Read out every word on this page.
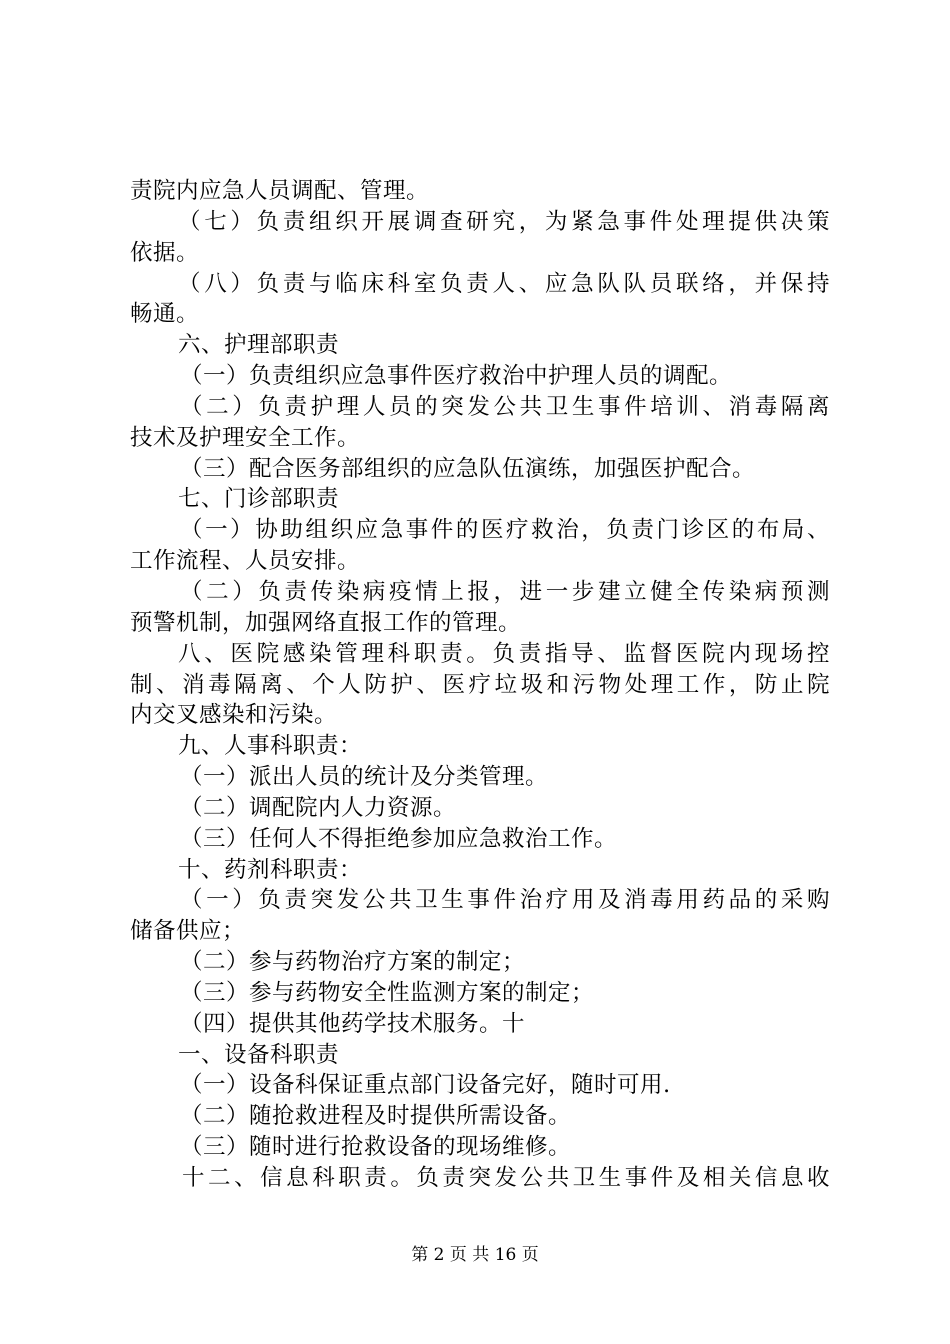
责院内应急人员调配、管理。
（七）负责组织开展调查研究，为紧急事件处理提供决策
依据。
（八）负责与临床科室负责人、应急队队员联络，并保持
畅通。
六、护理部职责
（一）负责组织应急事件医疗救治中护理人员的调配。
（二）负责护理人员的突发公共卫生事件培训、消毒隔离
技术及护理安全工作。
（三）配合医务部组织的应急队伍演练，加强医护配合。
七、门诊部职责
（一）协助组织应急事件的医疗救治，负责门诊区的布局、
工作流程、人员安排。
（二）负责传染病疫情上报，进一步建立健全传染病预测
预警机制，加强网络直报工作的管理。
八、医院感染管理科职责。负责指导、监督医院内现场控
制、消毒隔离、个人防护、医疗垃圾和污物处理工作，防止院
内交叉感染和污染。
九、人事科职责：
（一）派出人员的统计及分类管理。
（二）调配院内人力资源。
（三）任何人不得拒绝参加应急救治工作。
十、药剂科职责：
（一）负责突发公共卫生事件治疗用及消毒用药品的采购
储备供应；
（二）参与药物治疗方案的制定；
（三）参与药物安全性监测方案的制定；
（四）提供其他药学技术服务。十
一、设备科职责
（一）设备科保证重点部门设备完好，随时可用.
（二）随抢救进程及时提供所需设备。
（三）随时进行抢救设备的现场维修。
十二、信息科职责。负责突发公共卫生事件及相关信息收
第 2 页 共 16 页
